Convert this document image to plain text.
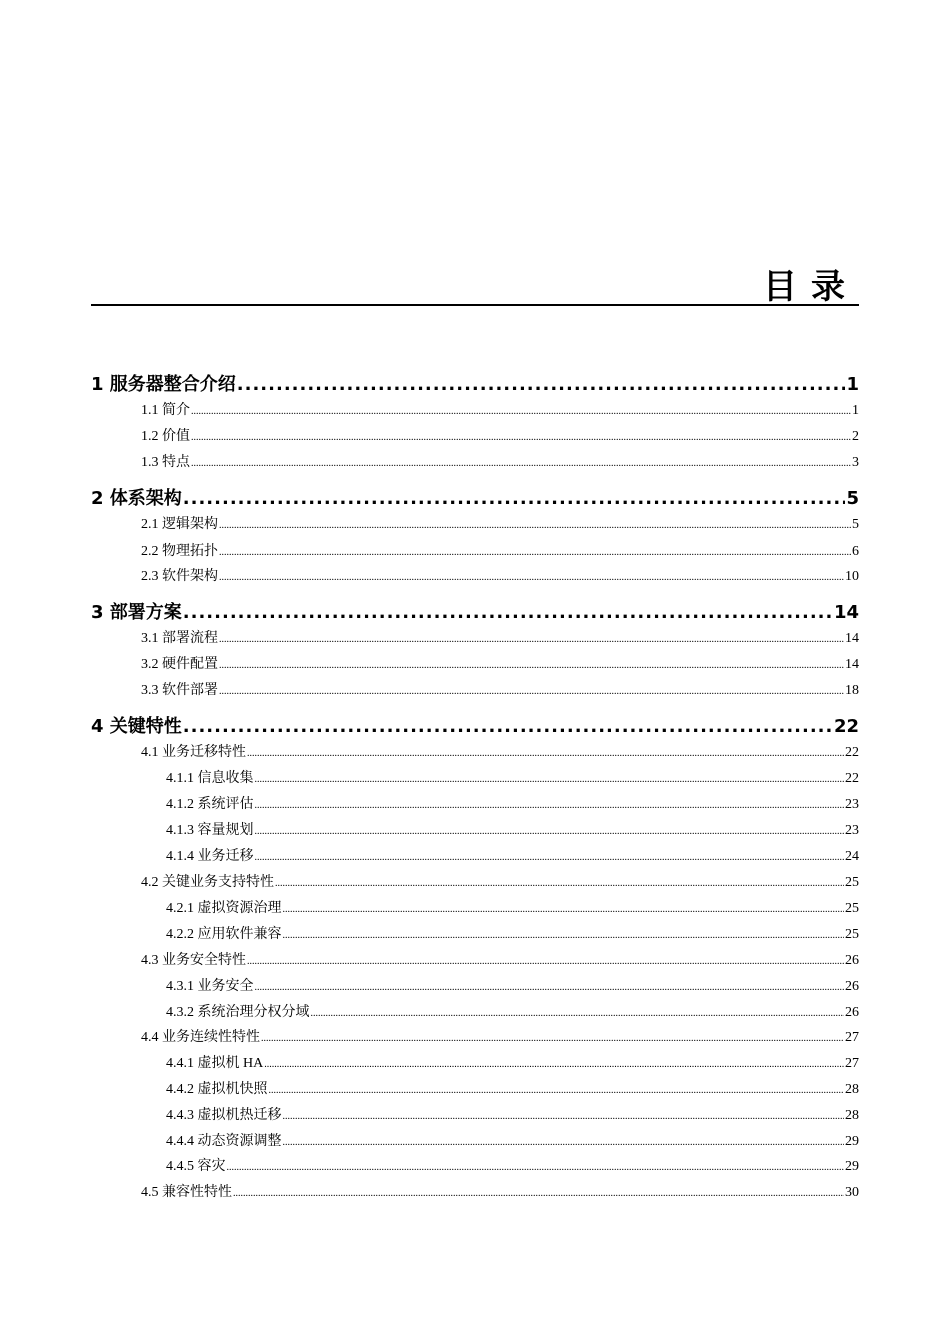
目录
1 服务器整合介绍 .....	1
1.1 简介 .....	1
1.2 价值 .....	2
1.3 特点 .....	3
2 体系架构 .....	5
2.1 逻辑架构 .....	5
2.2 物理拓扑 .....	6
2.3 软件架构 .....	10
3 部署方案 .....	14
3.1 部署流程 .....	14
3.2 硬件配置 .....	14
3.3 软件部署 .....	18
4 关键特性 .....	22
4.1 业务迁移特性 .....	22
4.1.1 信息收集 .....	22
4.1.2 系统评估 .....	23
4.1.3 容量规划 .....	23
4.1.4 业务迁移 .....	24
4.2 关键业务支持特性 .....	25
4.2.1 虚拟资源治理 .....	25
4.2.2 应用软件兼容 .....	25
4.3 业务安全特性 .....	26
4.3.1 业务安全 .....	26
4.3.2 系统治理分权分域 .....	26
4.4 业务连续性特性 .....	27
4.4.1 虚拟机 HA .....	27
4.4.2 虚拟机快照 .....	28
4.4.3 虚拟机热迁移 .....	28
4.4.4 动态资源调整 .....	29
4.4.5 容灾 .....	29
4.5 兼容性特性 .....	30
